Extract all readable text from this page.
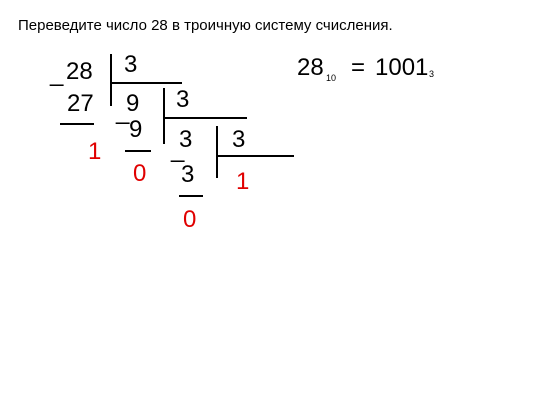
Переведите число 28 в троичную систему счисления.
_ 28 3
27
1
9 3
_
9
0
3 3
_
3
0
1
28 10 = 1001 3
